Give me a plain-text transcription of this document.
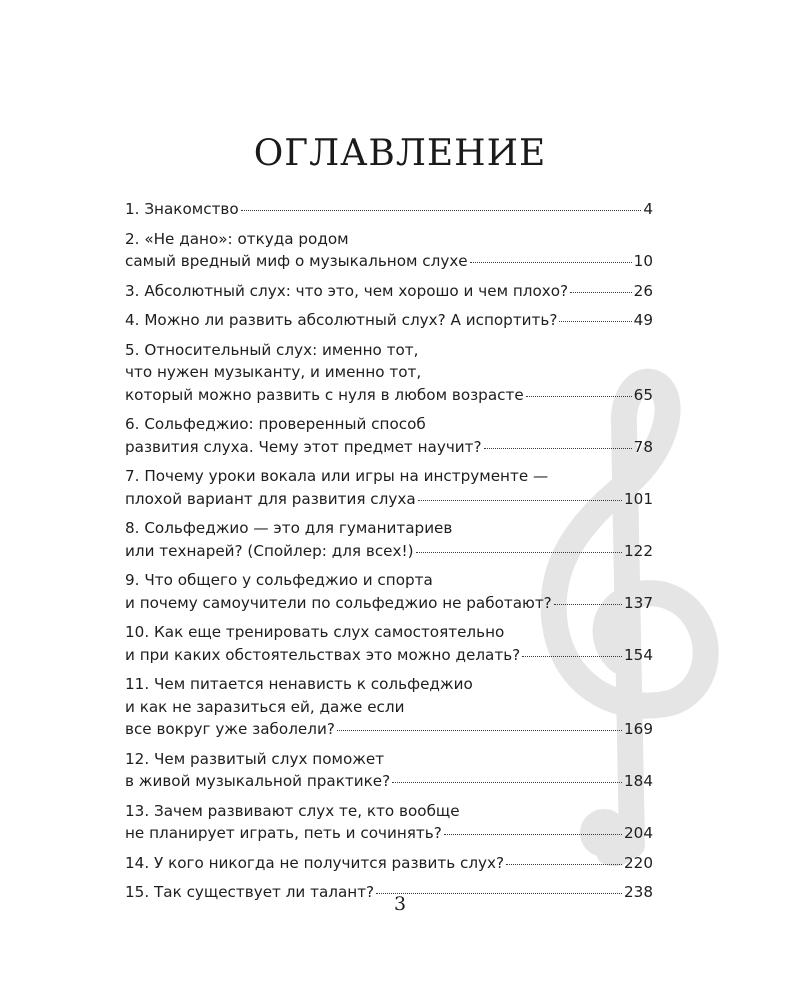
ОГЛАВЛЕНИЕ
1. Знакомство	4
2. «Не дано»: откуда родом
самый вредный миф о музыкальном слухе	10
3. Абсолютный слух: что это, чем хорошо и чем плохо?	26
4. Можно ли развить абсолютный слух? А испортить?	49
5. Относительный слух: именно тот,
что нужен музыканту, и именно тот,
который можно развить с нуля в любом возрасте	65
6. Сольфеджио: проверенный способ
развития слуха. Чему этот предмет научит?	78
7. Почему уроки вокала или игры на инструменте —
плохой вариант для развития слуха	101
8. Сольфеджио — это для гуманитариев
или технарей? (Спойлер: для всех!)	122
9. Что общего у сольфеджио и спорта
и почему самоучители по сольфеджио не работают?	137
10. Как еще тренировать слух самостоятельно
и при каких обстоятельствах это можно делать?	154
11. Чем питается ненависть к сольфеджио
и как не заразиться ей, даже если
все вокруг уже заболели?	169
12. Чем развитый слух поможет
в живой музыкальной практике?	184
13. Зачем развивают слух те, кто вообще
не планирует играть, петь и сочинять?	204
14. У кого никогда не получится развить слух?	220
15. Так существует ли талант?	238
3
